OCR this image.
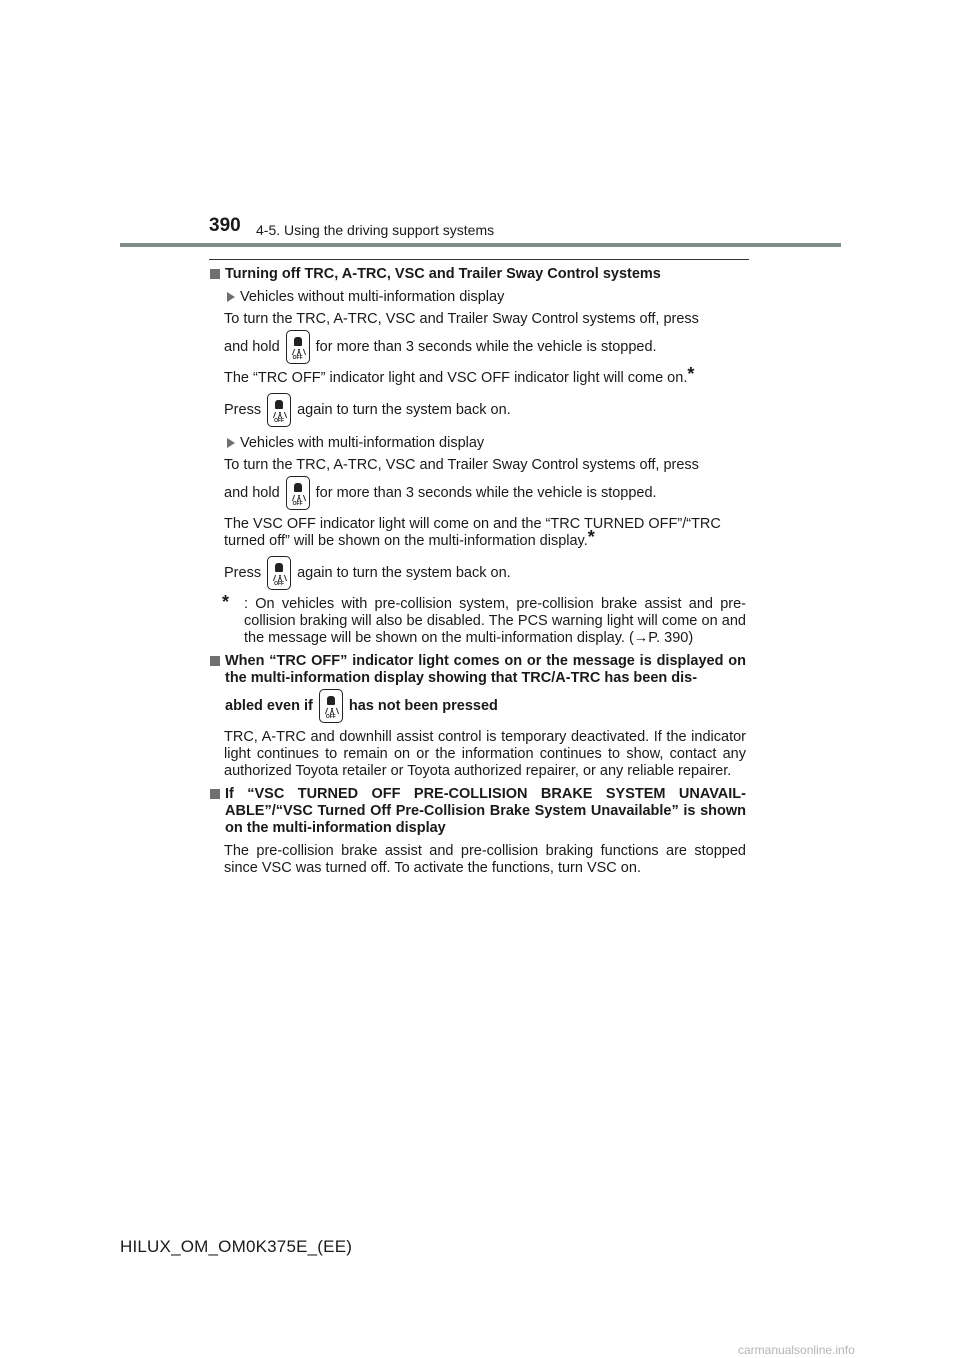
390 4-5. Using the driving support systems
Turning off TRC, A-TRC, VSC and Trailer Sway Control systems
Vehicles without multi-information display
To turn the TRC, A-TRC, VSC and Trailer Sway Control systems off, press
and hold
OFF
for more than 3 seconds while the vehicle is stopped.
The “TRC OFF” indicator light and VSC OFF indicator light will come on.*
Press
OFF
again to turn the system back on.
Vehicles with multi-information display
To turn the TRC, A-TRC, VSC and Trailer Sway Control systems off, press
and hold
OFF
for more than 3 seconds while the vehicle is stopped.
The VSC OFF indicator light will come on and the “TRC TURNED OFF”/“TRC turned off” will be shown on the multi-information display.*
Press
OFF
again to turn the system back on.
* : On vehicles with pre-collision system, pre-collision brake assist and pre-collision braking will also be disabled. The PCS warning light will come on and the message will be shown on the multi-information display. (→P. 390)
When “TRC OFF” indicator light comes on or the message is displayed on the multi-information display showing that TRC/A-TRC has been dis-
abled even if
OFF
has not been pressed
TRC, A-TRC and downhill assist control is temporary deactivated. If the indicator light continues to remain on or the information continues to show, contact any authorized Toyota retailer or Toyota authorized repairer, or any reliable repairer.
If “VSC TURNED OFF PRE-COLLISION BRAKE SYSTEM UNAVAIL-ABLE”/“VSC Turned Off Pre-Collision Brake System Unavailable” is shown on the multi-information display
The pre-collision brake assist and pre-collision braking functions are stopped since VSC was turned off. To activate the functions, turn VSC on.
HILUX_OM_OM0K375E_(EE)
carmanualsonline.info
